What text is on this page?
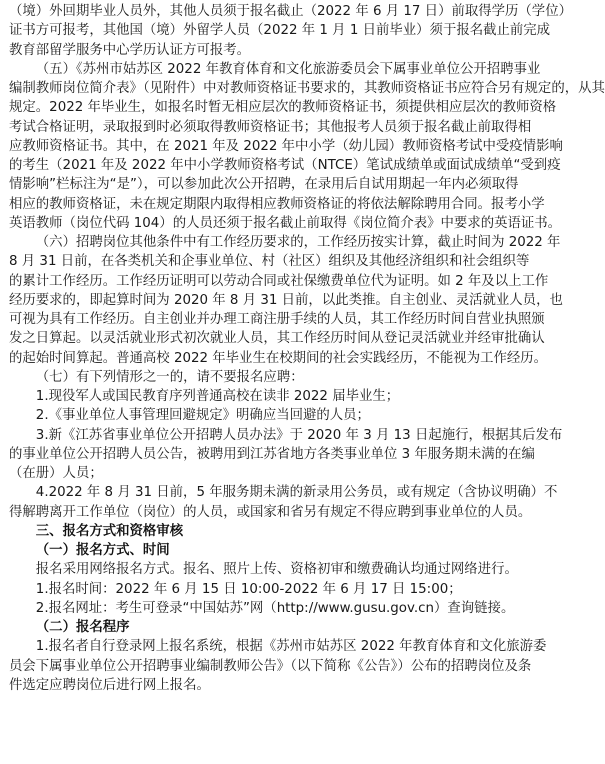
（境）外回期毕业人员外，其他人员须于报名截止（2022 年 6 月 17 日）前取得学历（学位）
证书方可报考，其他国（境）外留学人员（2022 年 1 月 1 日前毕业）须于报名截止前完成
教育部留学服务中心学历认证方可报考。
（五）《苏州市姑苏区 2022 年教育体育和文化旅游委员会下属事业单位公开招聘事业
编制教师岗位简介表》（见附件）中对教师资格证书要求的，其教师资格证书应符合另有规定的，从其
规定。2022 年毕业生，如报名时暂无相应层次的教师资格证书，须提供相应层次的教师资格
考试合格证明，录取报到时必须取得教师资格证书；其他报考人员须于报名截止前取得相
应教师资格证书。其中，在 2021 年及 2022 年中小学（幼儿园）教师资格考试中受疫情影响
的考生（2021 年及 2022 年中小学教师资格考试（NTCE）笔试成绩单或面试成绩单“受到疫
情影响”栏标注为“是”），可以参加此次公开招聘，在录用后自试用期起一年内必须取得
相应的教师资格证，未在规定期限内取得相应教师资格证的将依法解除聘用合同。报考小学
英语教师（岗位代码 104）的人员还须于报名截止前取得《岗位简介表》中要求的英语证书。
（六）招聘岗位其他条件中有工作经历要求的，工作经历按实计算，截止时间为 2022 年
8 月 31 日前，在各类机关和企事业单位、村（社区）组织及其他经济组织和社会组织等
的累计工作经历。工作经历证明可以劳动合同或社保缴费单位代为证明。如 2 年及以上工作
经历要求的，即起算时间为 2020 年 8 月 31 日前，以此类推。自主创业、灵活就业人员，也
可视为具有工作经历。自主创业并办理工商注册手续的人员，其工作经历时间自营业执照颁
发之日算起。以灵活就业形式初次就业人员，其工作经历时间从登记灵活就业并经审批确认
的起始时间算起。普通高校 2022 年毕业生在校期间的社会实践经历，不能视为工作经历。
（七）有下列情形之一的，请不要报名应聘：
1.现役军人或国民教育序列普通高校在读非 2022 届毕业生；
2.《事业单位人事管理回避规定》明确应当回避的人员；
3.新《江苏省事业单位公开招聘人员办法》于 2020 年 3 月 13 日起施行，根据其后发布
的事业单位公开招聘人员公告，被聘用到江苏省地方各类事业单位 3 年服务期未满的在编
（在册）人员；
4.2022 年 8 月 31 日前，5 年服务期未满的新录用公务员，或有规定（含协议明确）不
得解聘离开工作单位（岗位）的人员，或国家和省另有规定不得应聘到事业单位的人员。
三、报名方式和资格审核
（一）报名方式、时间
报名采用网络报名方式。报名、照片上传、资格初审和缴费确认均通过网络进行。
1.报名时间：2022 年 6 月 15 日 10:00-2022 年 6 月 17 日 15:00；
2.报名网址：考生可登录“中国姑苏”网（http://www.gusu.gov.cn）查询链接。
（二）报名程序
1.报名者自行登录网上报名系统，根据《苏州市姑苏区 2022 年教育体育和文化旅游委
员会下属事业单位公开招聘事业编制教师公告》（以下简称《公告》）公布的招聘岗位及条
件选定应聘岗位后进行网上报名。
